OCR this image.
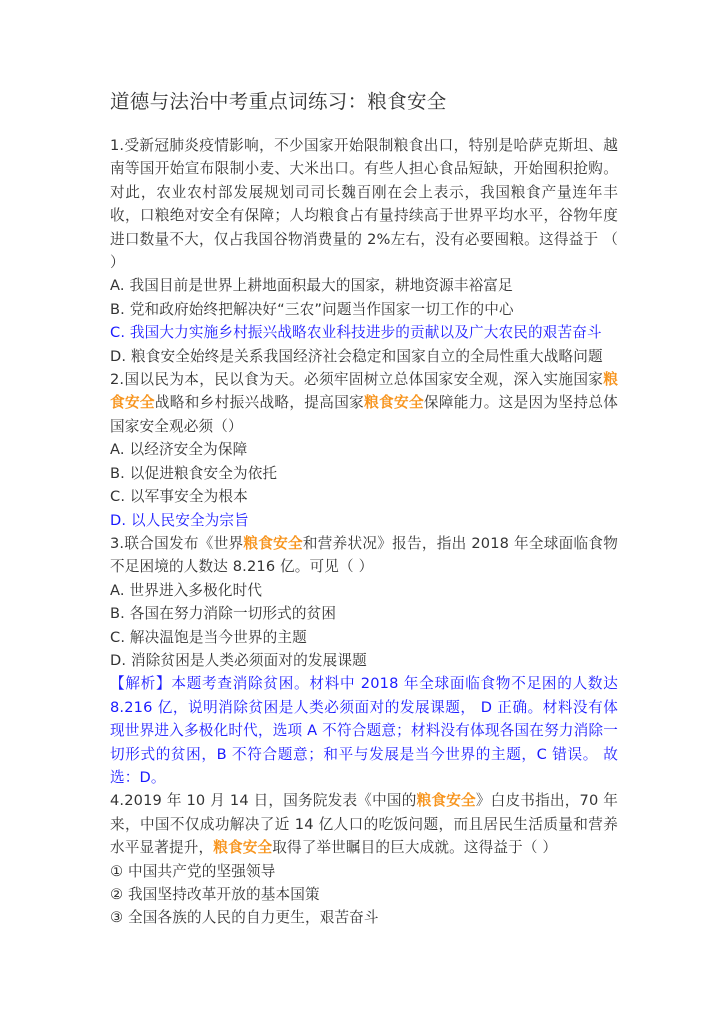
道德与法治中考重点词练习：粮食安全

1.受新冠肺炎疫情影响，不少国家开始限制粮食出口，特别是哈萨克斯坦、越南等国开始宣布限制小麦、大米出口。有些人担心食品短缺，开始囤积抢购。对此，农业农村部发展规划司司长魏百刚在会上表示，我国粮食产量连年丰收，口粮绝对安全有保障；人均粮食占有量持续高于世界平均水平，谷物年度进口数量不大，仅占我国谷物消费量的 2%左右，没有必要囤粮。这得益于 （ ）

A. 我国目前是世界上耕地面积最大的国家，耕地资源丰裕富足

B. 党和政府始终把解决好“三农”问题当作国家一切工作的中心

C. 我国大力实施乡村振兴战略农业科技进步的贡献以及广大农民的艰苦奋斗

D. 粮食安全始终是关系我国经济社会稳定和国家自立的全局性重大战略问题

2.国以民为本，民以食为天。必须牢固树立总体国家安全观，深入实施国家粮食安全战略和乡村振兴战略，提高国家粮食安全保障能力。这是因为坚持总体国家安全观必须（）

A. 以经济安全为保障

B. 以促进粮食安全为依托

C. 以军事安全为根本

D. 以人民安全为宗旨

3.联合国发布《世界粮食安全和营养状况》报告，指出 2018 年全球面临食物不足困境的人数达 8.216 亿。可见（ ）

A. 世界进入多极化时代

B. 各国在努力消除一切形式的贫困

C. 解决温饱是当今世界的主题

D. 消除贫困是人类必须面对的发展课题

【解析】本题考查消除贫困。材料中 2018 年全球面临食物不足困的人数达 8.216 亿，说明消除贫困是人类必须面对的发展课题， D 正确。材料没有体现世界进入多极化时代，选项 A 不符合题意；材料没有体现各国在努力消除一切形式的贫困，B 不符合题意；和平与发展是当今世界的主题，C 错误。 故选：D。

4.2019 年 10 月 14 日，国务院发表《中国的粮食安全》白皮书指出，70 年来，中国不仅成功解决了近 14 亿人口的吃饭问题，而且居民生活质量和营养水平显著提升，粮食安全取得了举世瞩目的巨大成就。这得益于（ ）

① 中国共产党的坚强领导

② 我国坚持改革开放的基本国策

③ 全国各族的人民的自力更生，艰苦奋斗
